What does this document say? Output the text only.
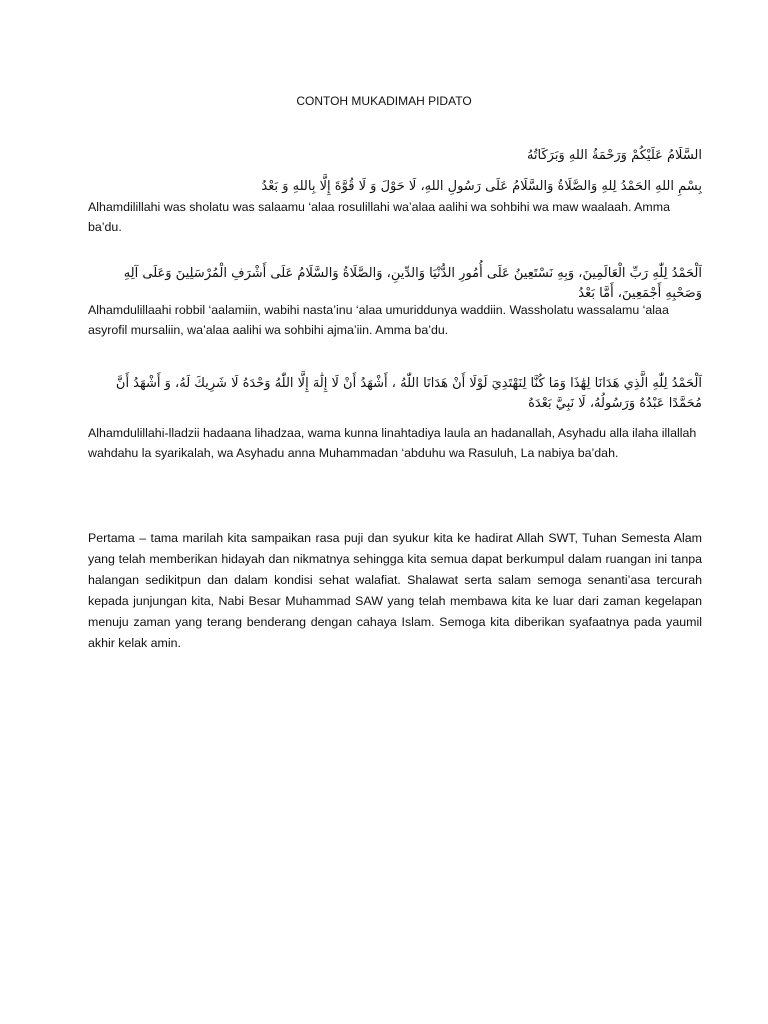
CONTOH MUKADIMAH PIDATO
السَّلَامُ عَلَيْكُمْ وَرَحْمَةُ اللهِ وَبَرَكَاتُهُ
بِسْمِ اللهِ الحَمْدُ لِلهِ وَالصَّلَاةُ وَالسَّلَامُ عَلَى رَسُولِ اللهِ، لَا حَوْلَ وَ لَا قُوَّةَ إِلَّا بِاللهِ وَ بَعْدُ
Alhamdilillahi was sholatu was salaamu ‘alaa rosulillahi wa’alaa aalihi wa sohbihi wa maw waalaah. Amma ba’du.
اَلْحَمْدُ لِلّٰهِ رَبِّ الْعَالَمِينَ، وَبِهِ نَسْتَعِينُ عَلَى أُمُورِ الدُّنْيَا وَالدِّينِ، وَالصَّلَاةُ وَالسَّلَامُ عَلَى أَشْرَفِ الْمُرْسَلِينَ وَعَلَى آلِهِ وَصَحْبِهِ أَجْمَعِينَ، أَمَّا بَعْدُ
Alhamdulillaahi robbil ‘aalamiin, wabihi nasta’inu ‘alaa umuriddunya waddiin. Wassholatu wassalamu ‘alaa asyrofil mursaliin, wa’alaa aalihi wa sohbihi ajma’iin. Amma ba’du.
اَلْحَمْدُ لِلّٰهِ الَّذِي هَدَانَا لِهَٰذَا وَمَا كُنَّا لِنَهْتَدِيَ لَوْلَا أَنْ هَدَانَا اللّٰهُ ، أَشْهَدُ أَنْ لَا إِلَٰهَ إِلَّا اللّٰهُ وَحْدَهُ لَا شَرِيكَ لَهُ، وَ أَشْهَدُ أَنَّ مُحَمَّدًا عَبْدُهُ وَرَسُولُهُ، لَا نَبِيَّ بَعْدَهُ
Alhamdulillahi-lladzii hadaana lihadzaa, wama kunna linahtadiya laula an hadanallah, Asyhadu alla ilaha illallah wahdahu la syarikalah, wa Asyhadu anna Muhammadan ‘abduhu wa Rasuluh, La nabiya ba’dah.
Pertama – tama marilah kita sampaikan rasa puji dan syukur kita ke hadirat Allah SWT, Tuhan Semesta Alam yang telah memberikan hidayah dan nikmatnya sehingga kita semua dapat berkumpul dalam ruangan ini tanpa halangan sedikitpun dan dalam kondisi sehat walafiat. Shalawat serta salam semoga senanti’asa tercurah kepada junjungan kita, Nabi Besar Muhammad SAW yang telah membawa kita ke luar dari zaman kegelapan menuju zaman yang terang benderang dengan cahaya Islam. Semoga kita diberikan syafaatnya pada yaumil akhir kelak amin.
